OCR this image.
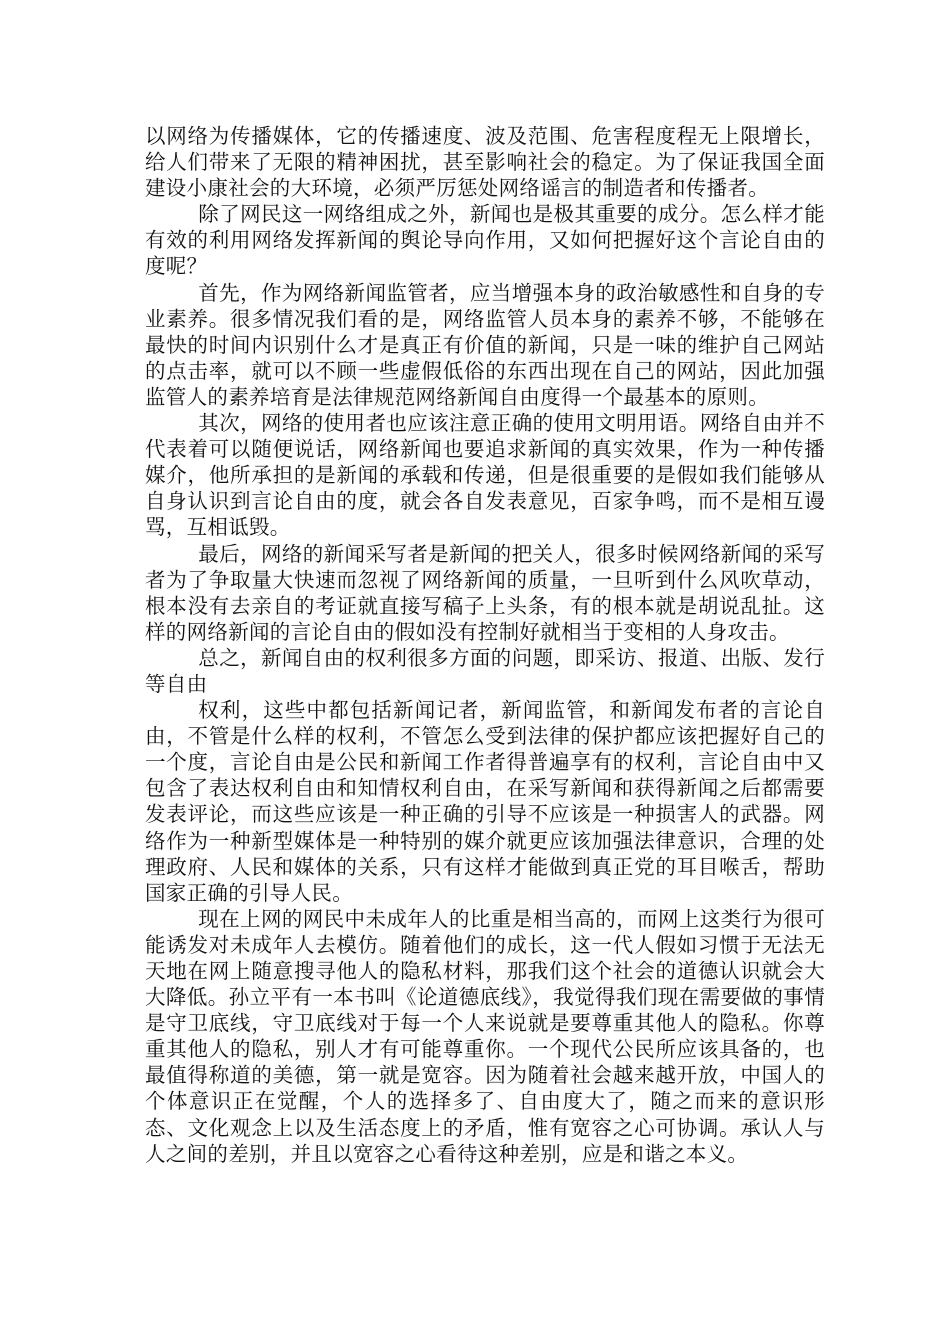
以网络为传播媒体，它的传播速度、波及范围、危害程度程无上限增长，给人们带来了无限的精神困扰，甚至影响社会的稳定。为了保证我国全面建设小康社会的大环境，必须严厉惩处网络谣言的制造者和传播者。

除了网民这一网络组成之外，新闻也是极其重要的成分。怎么样才能有效的利用网络发挥新闻的舆论导向作用，又如何把握好这个言论自由的度呢？

首先，作为网络新闻监管者，应当增强本身的政治敏感性和自身的专业素养。很多情况我们看的是，网络监管人员本身的素养不够，不能够在最快的时间内识别什么才是真正有价值的新闻，只是一味的维护自己网站的点击率，就可以不顾一些虚假低俗的东西出现在自己的网站，因此加强监管人的素养培育是法律规范网络新闻自由度得一个最基本的原则。

其次，网络的使用者也应该注意正确的使用文明用语。网络自由并不代表着可以随便说话，网络新闻也要追求新闻的真实效果，作为一种传播媒介，他所承担的是新闻的承载和传递，但是很重要的是假如我们能够从自身认识到言论自由的度，就会各自发表意见，百家争鸣，而不是相互谩骂，互相诋毁。

最后，网络的新闻采写者是新闻的把关人，很多时候网络新闻的采写者为了争取量大快速而忽视了网络新闻的质量，一旦听到什么风吹草动，根本没有去亲自的考证就直接写稿子上头条，有的根本就是胡说乱扯。这样的网络新闻的言论自由的假如没有控制好就相当于变相的人身攻击。

总之，新闻自由的权利很多方面的问题，即采访、报道、出版、发行等自由

权利，这些中都包括新闻记者，新闻监管，和新闻发布者的言论自由，不管是什么样的权利，不管怎么受到法律的保护都应该把握好自己的一个度，言论自由是公民和新闻工作者得普遍享有的权利，言论自由中又包含了表达权利自由和知情权利自由，在采写新闻和获得新闻之后都需要发表评论，而这些应该是一种正确的引导不应该是一种损害人的武器。网络作为一种新型媒体是一种特别的媒介就更应该加强法律意识，合理的处理政府、人民和媒体的关系，只有这样才能做到真正党的耳目喉舌，帮助国家正确的引导人民。

现在上网的网民中未成年人的比重是相当高的，而网上这类行为很可能诱发对未成年人去模仿。随着他们的成长，这一代人假如习惯于无法无天地在网上随意搜寻他人的隐私材料，那我们这个社会的道德认识就会大大降低。孙立平有一本书叫《论道德底线》，我觉得我们现在需要做的事情是守卫底线，守卫底线对于每一个人来说就是要尊重其他人的隐私。你尊重其他人的隐私，别人才有可能尊重你。一个现代公民所应该具备的，也最值得称道的美德，第一就是宽容。因为随着社会越来越开放，中国人的个体意识正在觉醒，个人的选择多了、自由度大了，随之而来的意识形态、文化观念上以及生活态度上的矛盾，惟有宽容之心可协调。承认人与人之间的差别，并且以宽容之心看待这种差别，应是和谐之本义。
